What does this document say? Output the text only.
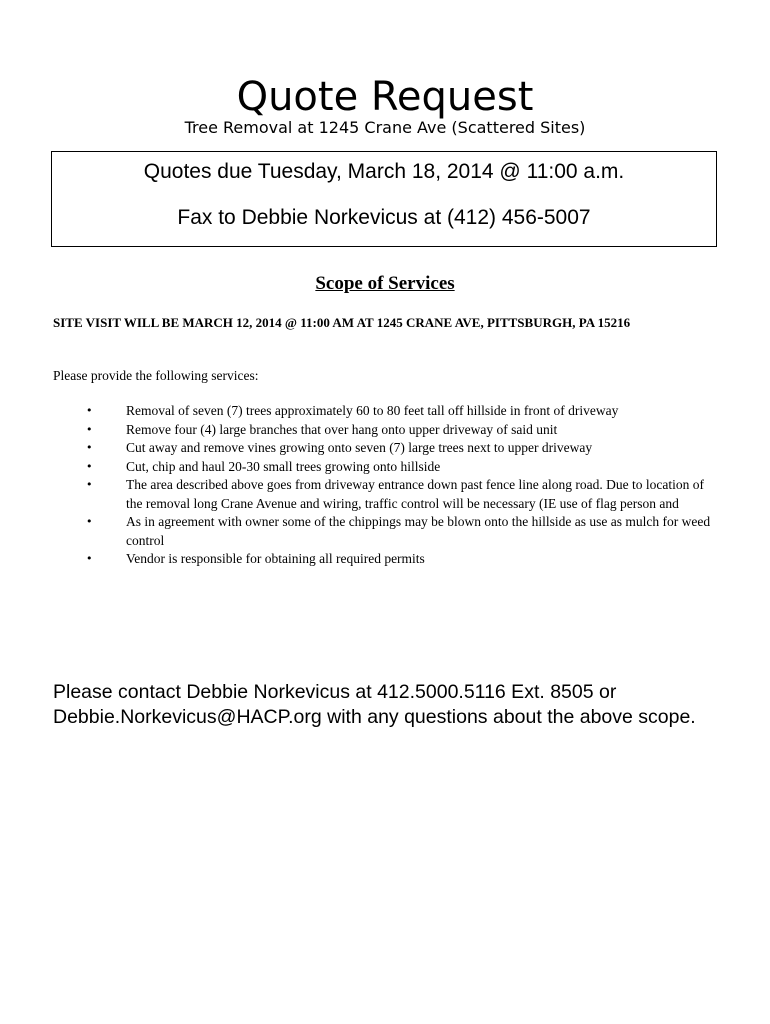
Quote Request
Tree Removal at 1245 Crane Ave (Scattered Sites)
Quotes due Tuesday, March 18, 2014 @ 11:00 a.m.
Fax to Debbie Norkevicus at (412) 456-5007
Scope of Services
SITE VISIT WILL BE MARCH 12, 2014 @ 11:00 AM AT 1245 CRANE AVE, PITTSBURGH, PA 15216
Please provide the following services:
• Removal of seven (7) trees approximately 60 to 80 feet tall off hillside in front of driveway
• Remove four (4) large branches that over hang onto upper driveway of said unit
• Cut away and remove vines growing onto seven (7) large trees next to upper driveway
• Cut, chip and haul 20-30 small trees growing onto hillside
• The area described above goes from driveway entrance down past fence line along road. Due to location of the removal long Crane Avenue and wiring, traffic control will be necessary (IE use of flag person and
• As in agreement with owner some of the chippings may be blown onto the hillside as use as mulch for weed control
• Vendor is responsible for obtaining all required permits
Please contact Debbie Norkevicus at 412.5000.5116 Ext. 8505 or Debbie.Norkevicus@HACP.org with any questions about the above scope.
